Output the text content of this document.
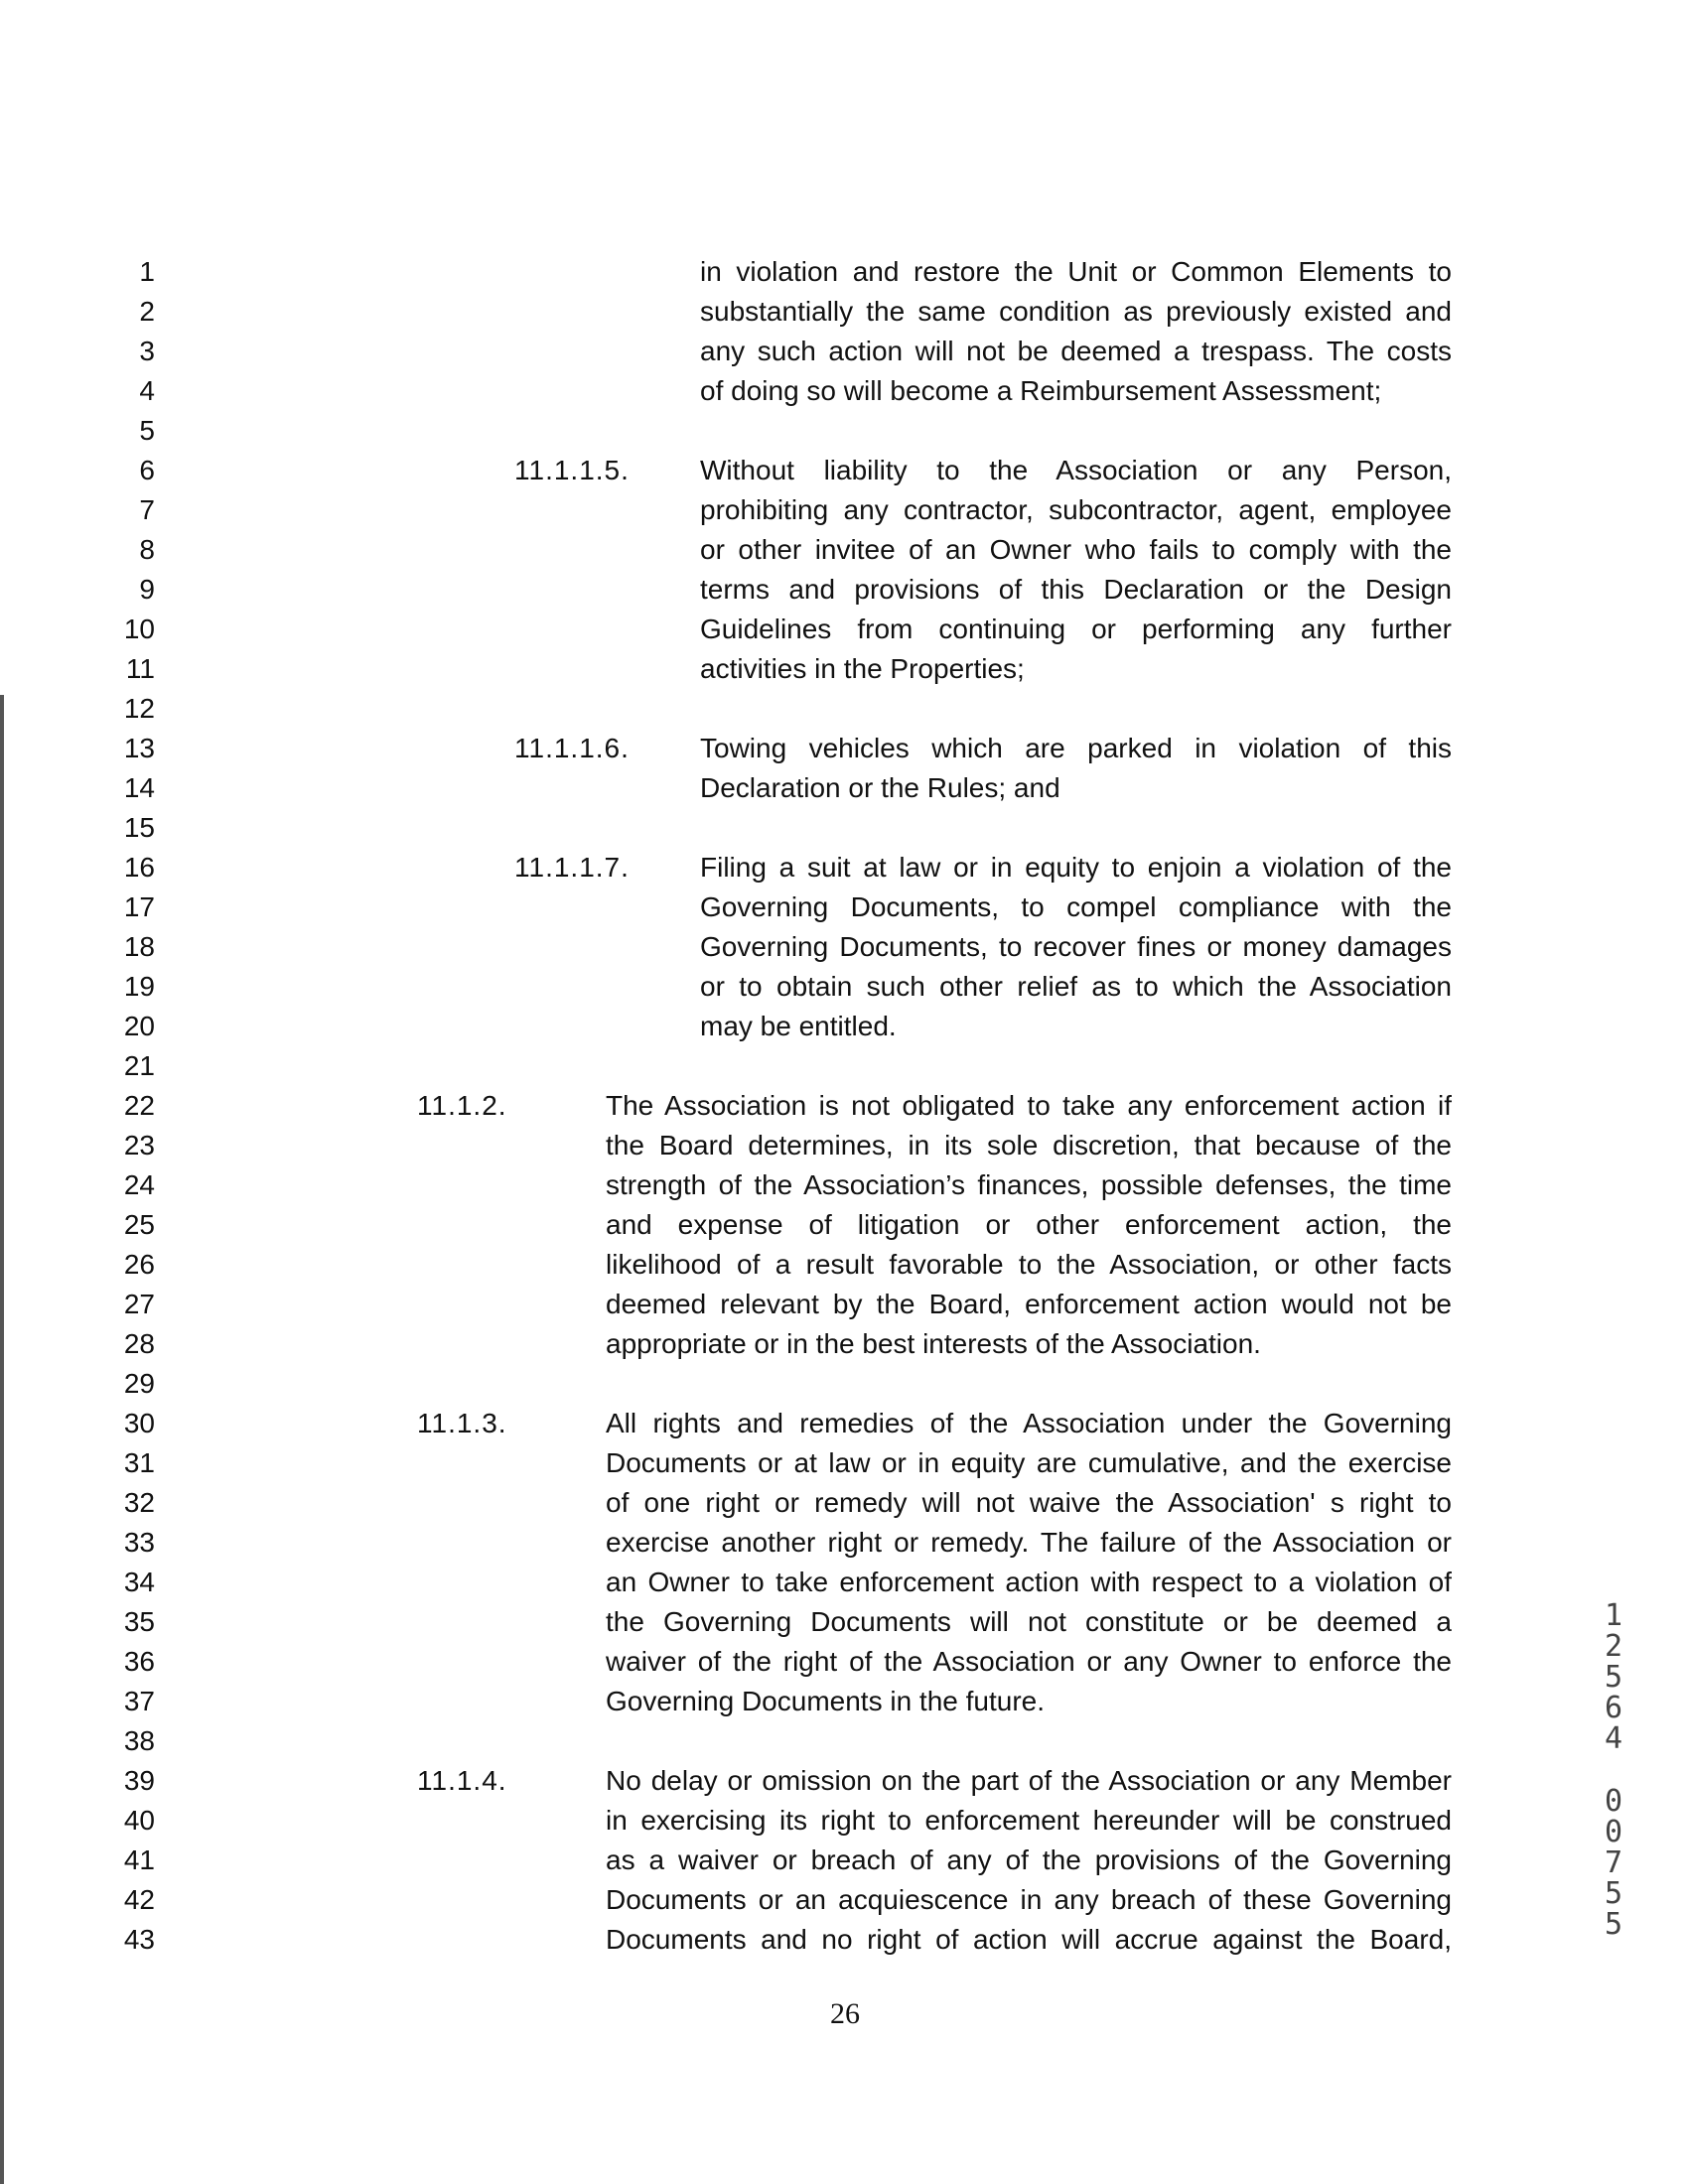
1
2
3
4
5
6
7
8
9
10
11
12
13
14
15
16
17
18
19
20
21
22
23
24
25
26
27
28
29
30
31
32
33
34
35
36
37
38
39
40
41
42
43
in violation and restore the Unit or Common Elements to
substantially the same condition as previously existed and
any such action will not be deemed a trespass. The costs
of doing so will become a Reimbursement Assessment;
11.1.1.5.	Without liability to the Association or any Person,
prohibiting any contractor, subcontractor, agent, employee
or other invitee of an Owner who fails to comply with the
terms and provisions of this Declaration or the Design
Guidelines from continuing or performing any further
activities in the Properties;
11.1.1.6.	Towing vehicles which are parked in violation of this
Declaration or the Rules; and
11.1.1.7.	Filing a suit at law or in equity to enjoin a violation of the
Governing Documents, to compel compliance with the
Governing Documents, to recover fines or money damages
or to obtain such other relief as to which the Association
may be entitled.
11.1.2.	The Association is not obligated to take any enforcement action if
the Board determines, in its sole discretion, that because of the
strength of the Association’s finances, possible defenses, the time
and expense of litigation or other enforcement action, the
likelihood of a result favorable to the Association, or other facts
deemed relevant by the Board, enforcement action would not be
appropriate or in the best interests of the Association.
11.1.3.	All rights and remedies of the Association under the Governing
Documents or at law or in equity are cumulative, and the exercise
of one right or remedy will not waive the Association' s right to
exercise another right or remedy. The failure of the Association or
an Owner to take enforcement action with respect to a violation of
the Governing Documents will not constitute or be deemed a
waiver of the right of the Association or any Owner to enforce the
Governing Documents in the future.
11.1.4.	No delay or omission on the part of the Association or any Member
in exercising its right to enforcement hereunder will be construed
as a waiver or breach of any of the provisions of the Governing
Documents or an acquiescence in any breach of these Governing
Documents and no right of action will accrue against the Board,
26
1
2
5
6
4
0
0
7
5
5
